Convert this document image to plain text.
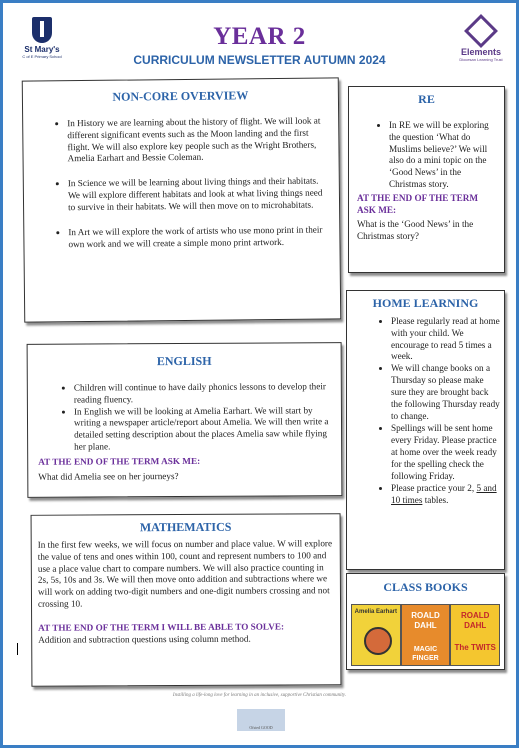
St Mary's
C of E Primary School
YEAR 2
CURRICULUM NEWSLETTER AUTUMN 2024
Elements
Diocesan Learning Trust
NON-CORE OVERVIEW
• In History we are learning about the history of flight. We will look at different significant events such as the Moon landing and the first flight. We will also explore key people such as the Wright Brothers, Amelia Earhart and Bessie Coleman.
• In Science we will be learning about living things and their habitats. We will explore different habitats and look at what living things need to survive in their habitats. We will then move on to microhabitats.
• In Art we will explore the work of artists who use mono print in their own work and we will create a simple mono print artwork.
RE
• In RE we will be exploring the question ‘What do Muslims believe?’ We will also do a mini topic on the ‘Good News’ in the Christmas story.
AT THE END OF THE TERM ASK ME:
What is the ‘Good News’ in the Christmas story?
HOME LEARNING
• Please regularly read at home with your child. We encourage to read 5 times a week.
• We will change books on a Thursday so please make sure they are brought back the following Thursday ready to change.
• Spellings will be sent home every Friday. Please practice at home over the week ready for the spelling check the following Friday.
• Please practice your 2, 5 and 10 times tables.
ENGLISH
• Children will continue to have daily phonics lessons to develop their reading fluency.
• In English we will be looking at Amelia Earhart. We will start by writing a newspaper article/report about Amelia. We will then write a detailed setting description about the places Amelia saw while flying her plane.
AT THE END OF THE TERM ASK ME:
What did Amelia see on her journeys?
MATHEMATICS

In the first few weeks, we will focus on number and place value. W will explore the value of tens and ones within 100, count and represent numbers to 100 and use a place value chart to compare numbers. We will also practice counting in 2s, 5s, 10s and 3s. We will then move onto addition and subtractions where we will work on adding two-digit numbers and one-digit numbers crossing and not crossing 10.

AT THE END OF THE TERM I WILL BE ABLE TO SOLVE:

Addition and subtraction questions using column method.

CLASS BOOKS
Amelia Earhart	ROALD DAHL
MAGIC FINGER
ROALD DAHL
The TWITS
Instilling a life-long love for learning in an inclusive, supportive Christian community.
Ofsted GOOD
